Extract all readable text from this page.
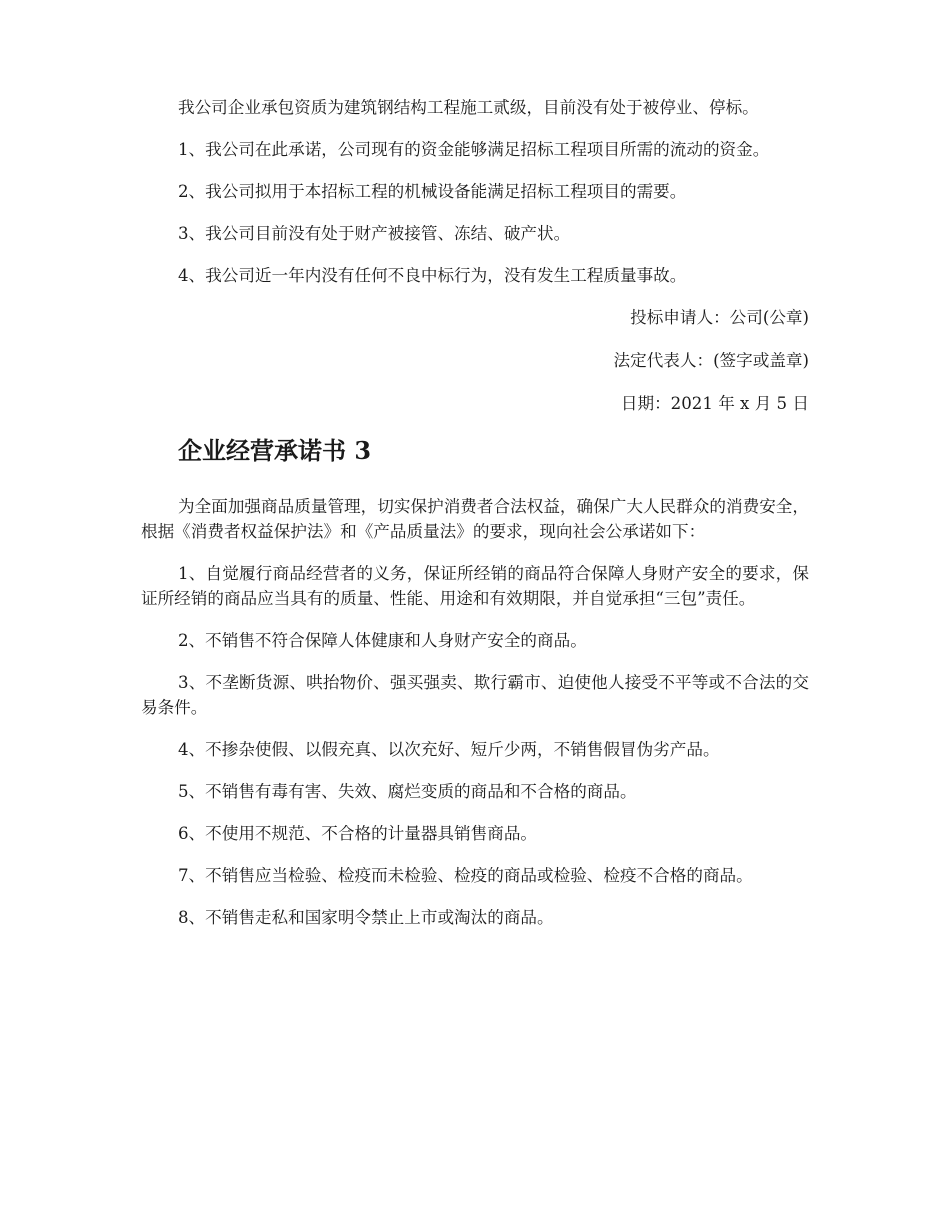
我公司企业承包资质为建筑钢结构工程施工贰级，目前没有处于被停业、停标。

1、我公司在此承诺，公司现有的资金能够满足招标工程项目所需的流动的资金。

2、我公司拟用于本招标工程的机械设备能满足招标工程项目的需要。

3、我公司目前没有处于财产被接管、冻结、破产状。

4、我公司近一年内没有任何不良中标行为，没有发生工程质量事故。

投标申请人：公司(公章)

法定代表人：(签字或盖章)

日期：2021 年 x 月 5 日

企业经营承诺书 3

为全面加强商品质量管理，切实保护消费者合法权益，确保广大人民群众的消费安全，根据《消费者权益保护法》和《产品质量法》的要求，现向社会公承诺如下：

1、自觉履行商品经营者的义务，保证所经销的商品符合保障人身财产安全的要求，保证所经销的商品应当具有的质量、性能、用途和有效期限，并自觉承担“三包”责任。

2、不销售不符合保障人体健康和人身财产安全的商品。

3、不垄断货源、哄抬物价、强买强卖、欺行霸市、迫使他人接受不平等或不合法的交易条件。

4、不掺杂使假、以假充真、以次充好、短斤少两，不销售假冒伪劣产品。

5、不销售有毒有害、失效、腐烂变质的商品和不合格的商品。

6、不使用不规范、不合格的计量器具销售商品。

7、不销售应当检验、检疫而未检验、检疫的商品或检验、检疫不合格的商品。

8、不销售走私和国家明令禁止上市或淘汰的商品。
